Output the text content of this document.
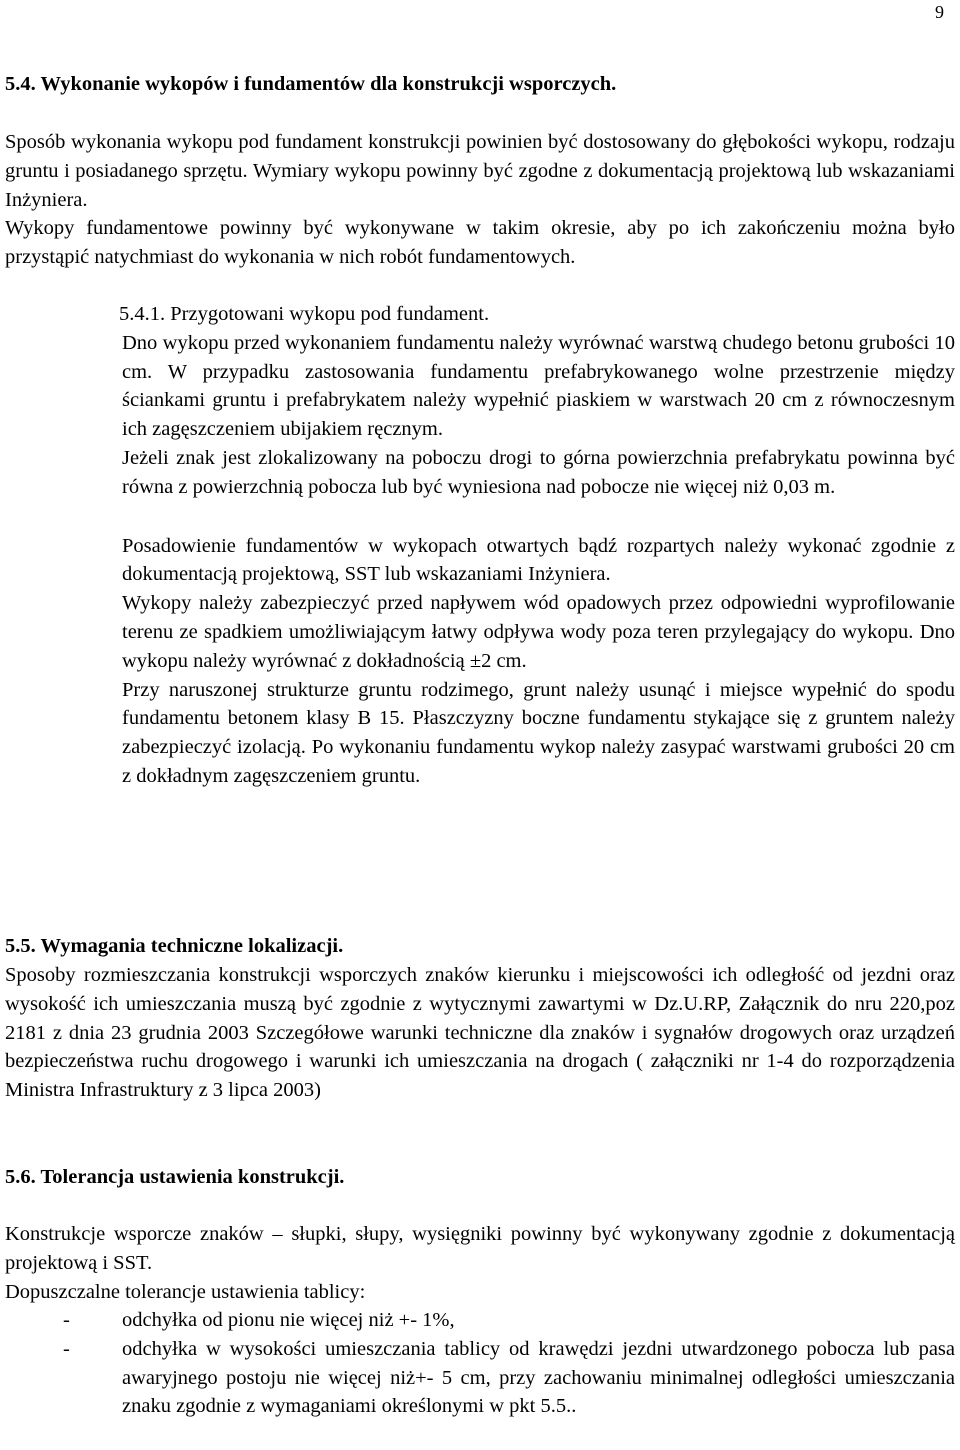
9
5.4. Wykonanie wykopów i fundamentów dla konstrukcji wsporczych.

Sposób wykonania wykopu pod fundament konstrukcji powinien być dostosowany do głębokości wykopu, rodzaju gruntu i posiadanego sprzętu. Wymiary wykopu powinny być zgodne z dokumentacją projektową lub wskazaniami Inżyniera.

Wykopy fundamentowe powinny być wykonywane w takim okresie, aby po ich zakończeniu można było przystąpić natychmiast do wykonania w nich robót fundamentowych.

5.4.1. Przygotowani wykopu pod fundament.

Dno wykopu przed wykonaniem fundamentu należy wyrównać warstwą chudego betonu grubości 10 cm. W przypadku zastosowania fundamentu prefabrykowanego wolne przestrzenie między ściankami gruntu i prefabrykatem należy wypełnić piaskiem w warstwach 20 cm z równoczesnym ich zagęszczeniem ubijakiem ręcznym.

Jeżeli znak jest zlokalizowany na poboczu drogi to górna powierzchnia prefabrykatu powinna być równa z powierzchnią pobocza lub być wyniesiona nad pobocze nie więcej niż 0,03 m.

Posadowienie fundamentów w wykopach otwartych bądź rozpartych należy wykonać zgodnie z dokumentacją projektową, SST lub wskazaniami Inżyniera.

Wykopy należy zabezpieczyć przed napływem wód opadowych przez odpowiedni wyprofilowanie terenu ze spadkiem umożliwiającym łatwy odpływa wody poza teren przylegający do wykopu. Dno wykopu należy wyrównać z dokładnością ±2 cm.

Przy naruszonej strukturze gruntu rodzimego, grunt należy usunąć i miejsce wypełnić do spodu fundamentu betonem klasy B 15. Płaszczyzny boczne fundamentu stykające się z gruntem należy zabezpieczyć izolacją. Po wykonaniu fundamentu wykop należy zasypać warstwami grubości 20 cm z dokładnym zagęszczeniem gruntu.

5.5. Wymagania techniczne lokalizacji.

Sposoby rozmieszczania konstrukcji wsporczych znaków kierunku i miejscowości ich odległość od jezdni oraz wysokość ich umieszczania muszą być zgodnie z wytycznymi zawartymi w Dz.U.RP, Załącznik do nru 220,poz 2181 z dnia 23 grudnia 2003 Szczegółowe warunki techniczne dla znaków i sygnałów drogowych oraz urządzeń bezpieczeństwa ruchu drogowego i warunki ich umieszczania na drogach ( załączniki nr 1-4 do rozporządzenia Ministra Infrastruktury z 3 lipca 2003)

5.6. Tolerancja ustawienia konstrukcji.

Konstrukcje wsporcze znaków – słupki, słupy, wysięgniki powinny być wykonywany zgodnie z dokumentacją projektową i SST.

Dopuszczalne tolerancje ustawienia tablicy:

-	odchyłka od pionu nie więcej niż +- 1%,
-	odchyłka w wysokości umieszczania tablicy od krawędzi jezdni utwardzonego pobocza lub pasa awaryjnego postoju nie więcej niż+- 5 cm, przy zachowaniu minimalnej odległości umieszczania znaku zgodnie z wymaganiami określonymi w pkt 5.5..
